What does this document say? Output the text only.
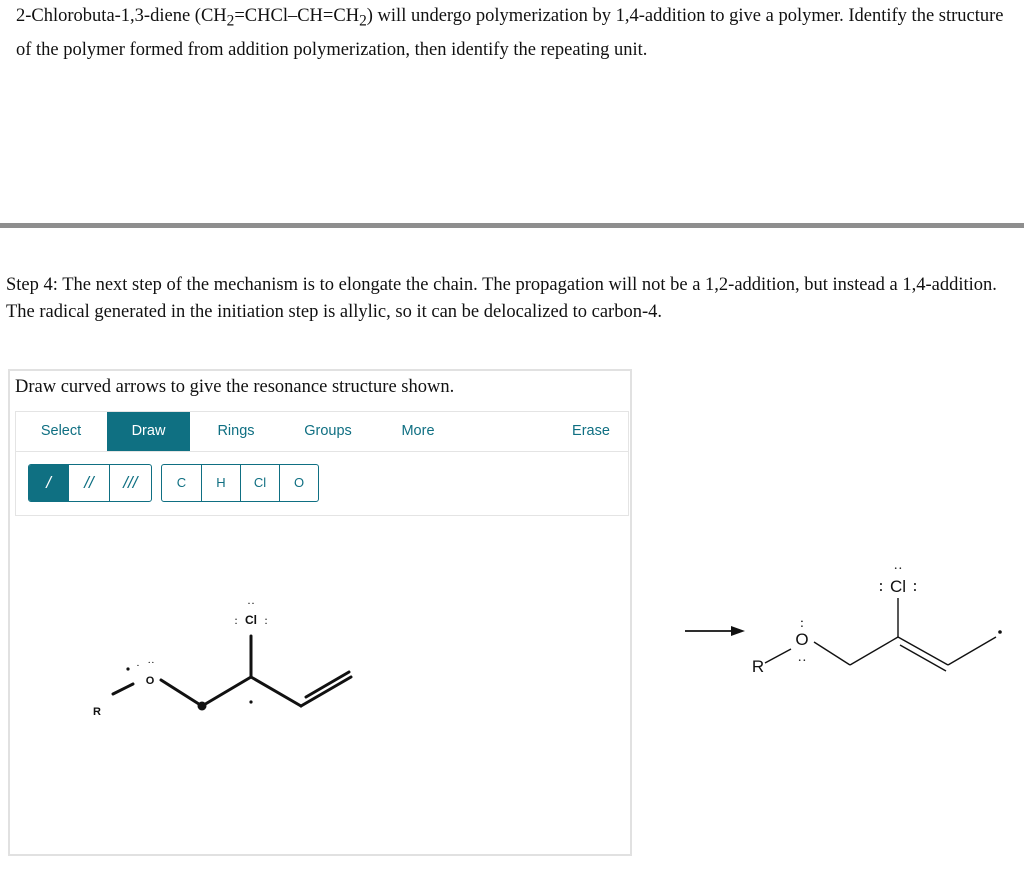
2-Chlorobuta-1,3-diene $(CH_2=CHCl-CH=CH_2)$ will undergo polymerization by 1,4-addition to give a polymer. Identify the structure of the polymer formed from addition polymerization, then identify the repeating unit.
Step 4: The next step of the mechanism is to elongate the chain. The propagation will not be a 1,2-addition, but instead a 1,4-addition. The radical generated in the initiation step is allylic, so it can be delocalized to carbon-4.
Draw curved arrows to give the resonance structure shown.
Select	Draw	Rings	Groups	More	Erase
/	//	///	C	H	Cl	O
R
O
··
·
Cl
··
: :
R
O
:
··
Cl
··
: :
